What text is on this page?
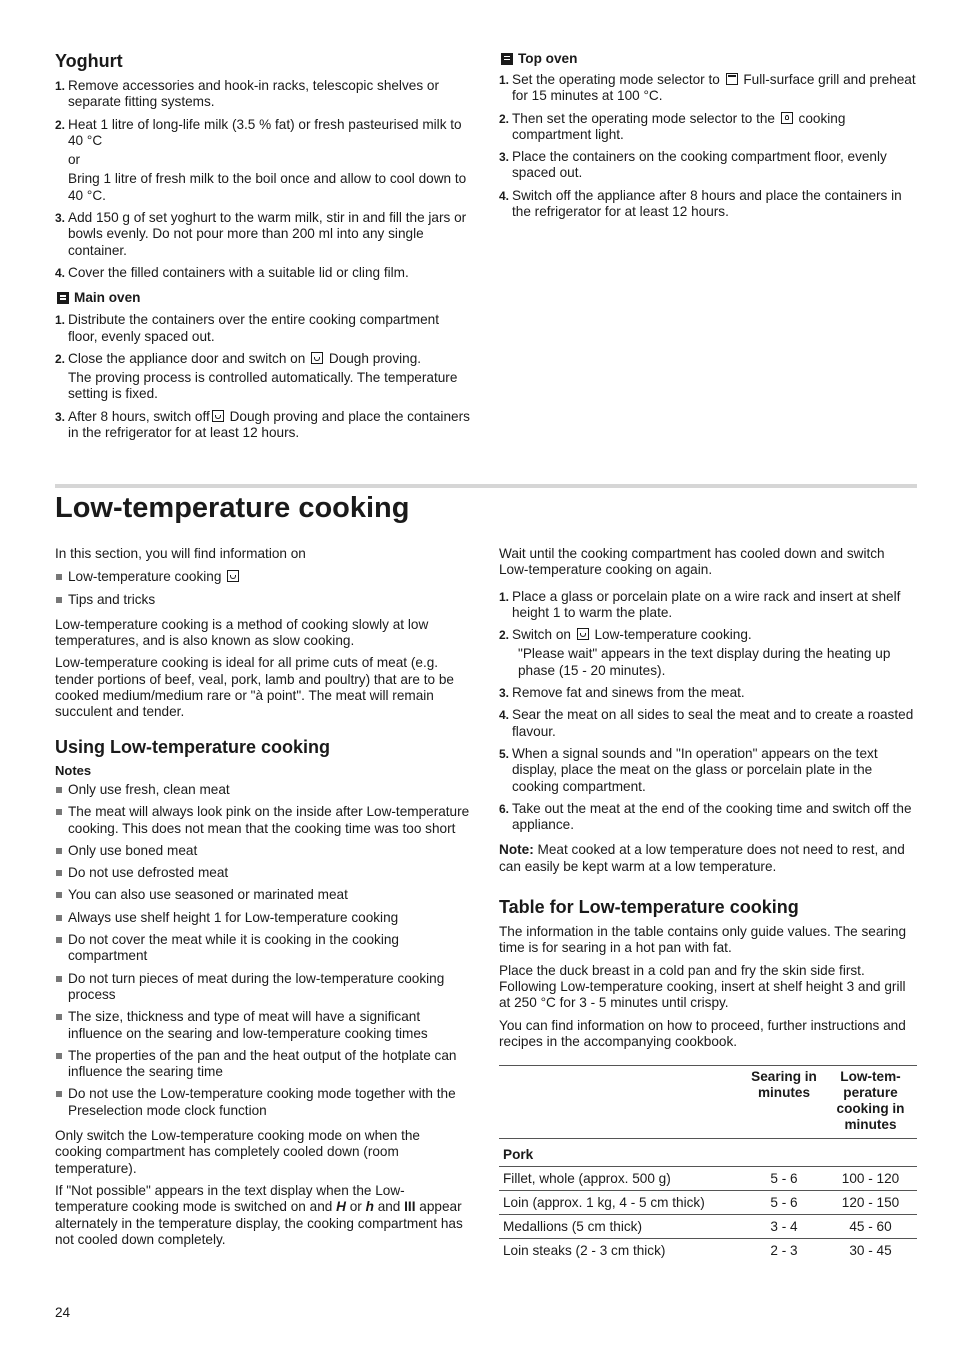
Yoghurt
1. Remove accessories and hook-in racks, telescopic shelves or separate fitting systems.
2. Heat 1 litre of long-life milk (3.5 % fat) or fresh pasteurised milk to 40 °C

or

Bring 1 litre of fresh milk to the boil once and allow to cool down to 40 °C.

3. Add 150 g of set yoghurt to the warm milk, stir in and fill the jars or bowls evenly. Do not pour more than 200 ml into any single container.
4. Cover the filled containers with a suitable lid or cling film.
Main oven
1. Distribute the containers over the entire cooking compartment floor, evenly spaced out.
2. Close the appliance door and switch on Dough proving.

The proving process is controlled automatically. The temperature setting is fixed.

3. After 8 hours, switch off Dough proving and place the containers in the refrigerator for at least 12 hours.
Top oven
1. Set the operating mode selector to Full-surface grill and preheat for 15 minutes at 100 °C.
2. Then set the operating mode selector to the cooking compartment light.
3. Place the containers on the cooking compartment floor, evenly spaced out.
4. Switch off the appliance after 8 hours and place the containers in the refrigerator for at least 12 hours.
Low-temperature cooking

In this section, you will find information on

Low-temperature cooking
Tips and tricks

Low-temperature cooking is a method of cooking slowly at low temperatures, and is also known as slow cooking.

Low-temperature cooking is ideal for all prime cuts of meat (e.g. tender portions of beef, veal, pork, lamb and poultry) that are to be cooked medium/medium rare or "à point". The meat will remain succulent and tender.

Using Low-temperature cooking

Notes

Only use fresh, clean meat
The meat will always look pink on the inside after Low-temperature cooking. This does not mean that the cooking time was too short
Only use boned meat
Do not use defrosted meat
You can also use seasoned or marinated meat
Always use shelf height 1 for Low-temperature cooking
Do not cover the meat while it is cooking in the cooking compartment
Do not turn pieces of meat during the low-temperature cooking process
The size, thickness and type of meat will have a significant influence on the searing and low-temperature cooking times
The properties of the pan and the heat output of the hotplate can influence the searing time
Do not use the Low-temperature cooking mode together with the Preselection mode clock function

Only switch the Low-temperature cooking mode on when the cooking compartment has completely cooled down (room temperature).

If "Not possible" appears in the text display when the Low-temperature cooking mode is switched on and H or h and III appear alternately in the temperature display, the cooking compartment has not cooled down completely.

Wait until the cooking compartment has cooled down and switch Low-temperature cooking on again.

1. Place a glass or porcelain plate on a wire rack and insert at shelf height 1 to warm the plate.
2. Switch on Low-temperature cooking.

"Please wait" appears in the text display during the heating up phase (15 - 20 minutes).

3. Remove fat and sinews from the meat.
4. Sear the meat on all sides to seal the meat and to create a roasted flavour.
5. When a signal sounds and "In operation" appears on the text display, place the meat on the glass or porcelain plate in the cooking compartment.
6. Take out the meat at the end of the cooking time and switch off the appliance.

Note: Meat cooked at a low temperature does not need to rest, and can easily be kept warm at a low temperature.

Table for Low-temperature cooking

The information in the table contains only guide values. The searing time is for searing in a hot pan with fat.

Place the duck breast in a cold pan and fry the skin side first. Following Low-temperature cooking, insert at shelf height 3 and grill at 250 °C for 3 - 5 minutes until crispy.

You can find information on how to proceed, further instructions and recipes in the accompanying cookbook.

	Searing in minutes	Low-tem-perature cooking in minutes
Pork		
Fillet, whole (approx. 500 g)	5 - 6	100 - 120
Loin (approx. 1 kg, 4 - 5 cm thick)	5 - 6	120 - 150
Medallions (5 cm thick)	3 - 4	45 - 60
Loin steaks (2 - 3 cm thick)	2 - 3	30 - 45
24
